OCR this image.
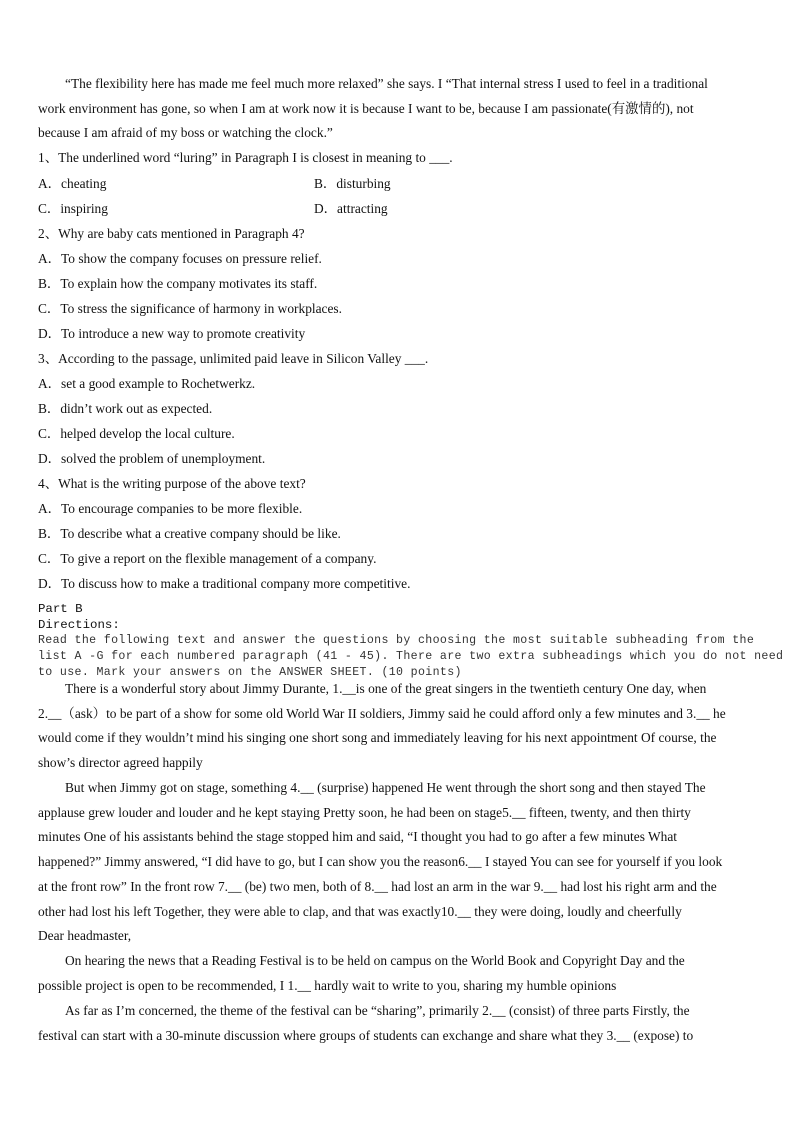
“The flexibility here has made me feel much more relaxed” she says. I “That internal stress I used to feel in a traditional
work environment has gone, so when I am at work now it is because I want to be, because I am passionate(有激情的), not
because I am afraid of my boss or watching the clock.”
1、The underlined word “luring” in Paragraph I is closest in meaning to ___.
A．cheating	B．disturbing
C．inspiring	D．attracting
2、Why are baby cats mentioned in Paragraph 4?
A．To show the company focuses on pressure relief.
B．To explain how the company motivates its staff.
C．To stress the significance of harmony in workplaces.
D．To introduce a new way to promote creativity
3、According to the passage, unlimited paid leave in Silicon Valley ___.
A．set a good example to Rochetwerkz.
B．didn’t work out as expected.
C．helped develop the local culture.
D．solved the problem of unemployment.
4、What is the writing purpose of the above text?
A．To encourage companies to be more flexible.
B．To describe what a creative company should be like.
C．To give a report on the flexible management of a company.
D．To discuss how to make a traditional company more competitive.
Part B
Directions:
Read the following text and answer the questions by choosing the most suitable subheading from the
list A -G for each numbered paragraph (41 - 45). There are two extra subheadings which you do not need
to use. Mark your answers on the ANSWER SHEET. (10 points)
There is a wonderful story about Jimmy Durante, 1.__is one of the great singers in the twentieth century One day, when
2.__（ask）to be part of a show for some old World War II soldiers, Jimmy said he could afford only a few minutes and 3.__ he
would come if they wouldn’t mind his singing one short song and immediately leaving for his next appointment Of course, the
show’s director agreed happily
But when Jimmy got on stage, something 4.__ (surprise) happened He went through the short song and then stayed The
applause grew louder and louder and he kept staying Pretty soon, he had been on stage5.__ fifteen, twenty, and then thirty
minutes One of his assistants behind the stage stopped him and said, “I thought you had to go after a few minutes What
happened?” Jimmy answered, “I did have to go, but I can show you the reason6.__ I stayed You can see for yourself if you look
at the front row” In the front row 7.__ (be) two men, both of 8.__ had lost an arm in the war 9.__ had lost his right arm and the
other had lost his left Together, they were able to clap, and that was exactly10.__ they were doing, loudly and cheerfully
Dear headmaster,
On hearing the news that a Reading Festival is to be held on campus on the World Book and Copyright Day and the
possible project is open to be recommended, I 1.__ hardly wait to write to you, sharing my humble opinions
As far as I’m concerned, the theme of the festival can be “sharing”, primarily 2.__ (consist) of three parts Firstly, the
festival can start with a 30-minute discussion where groups of students can exchange and share what they 3.__ (expose) to
